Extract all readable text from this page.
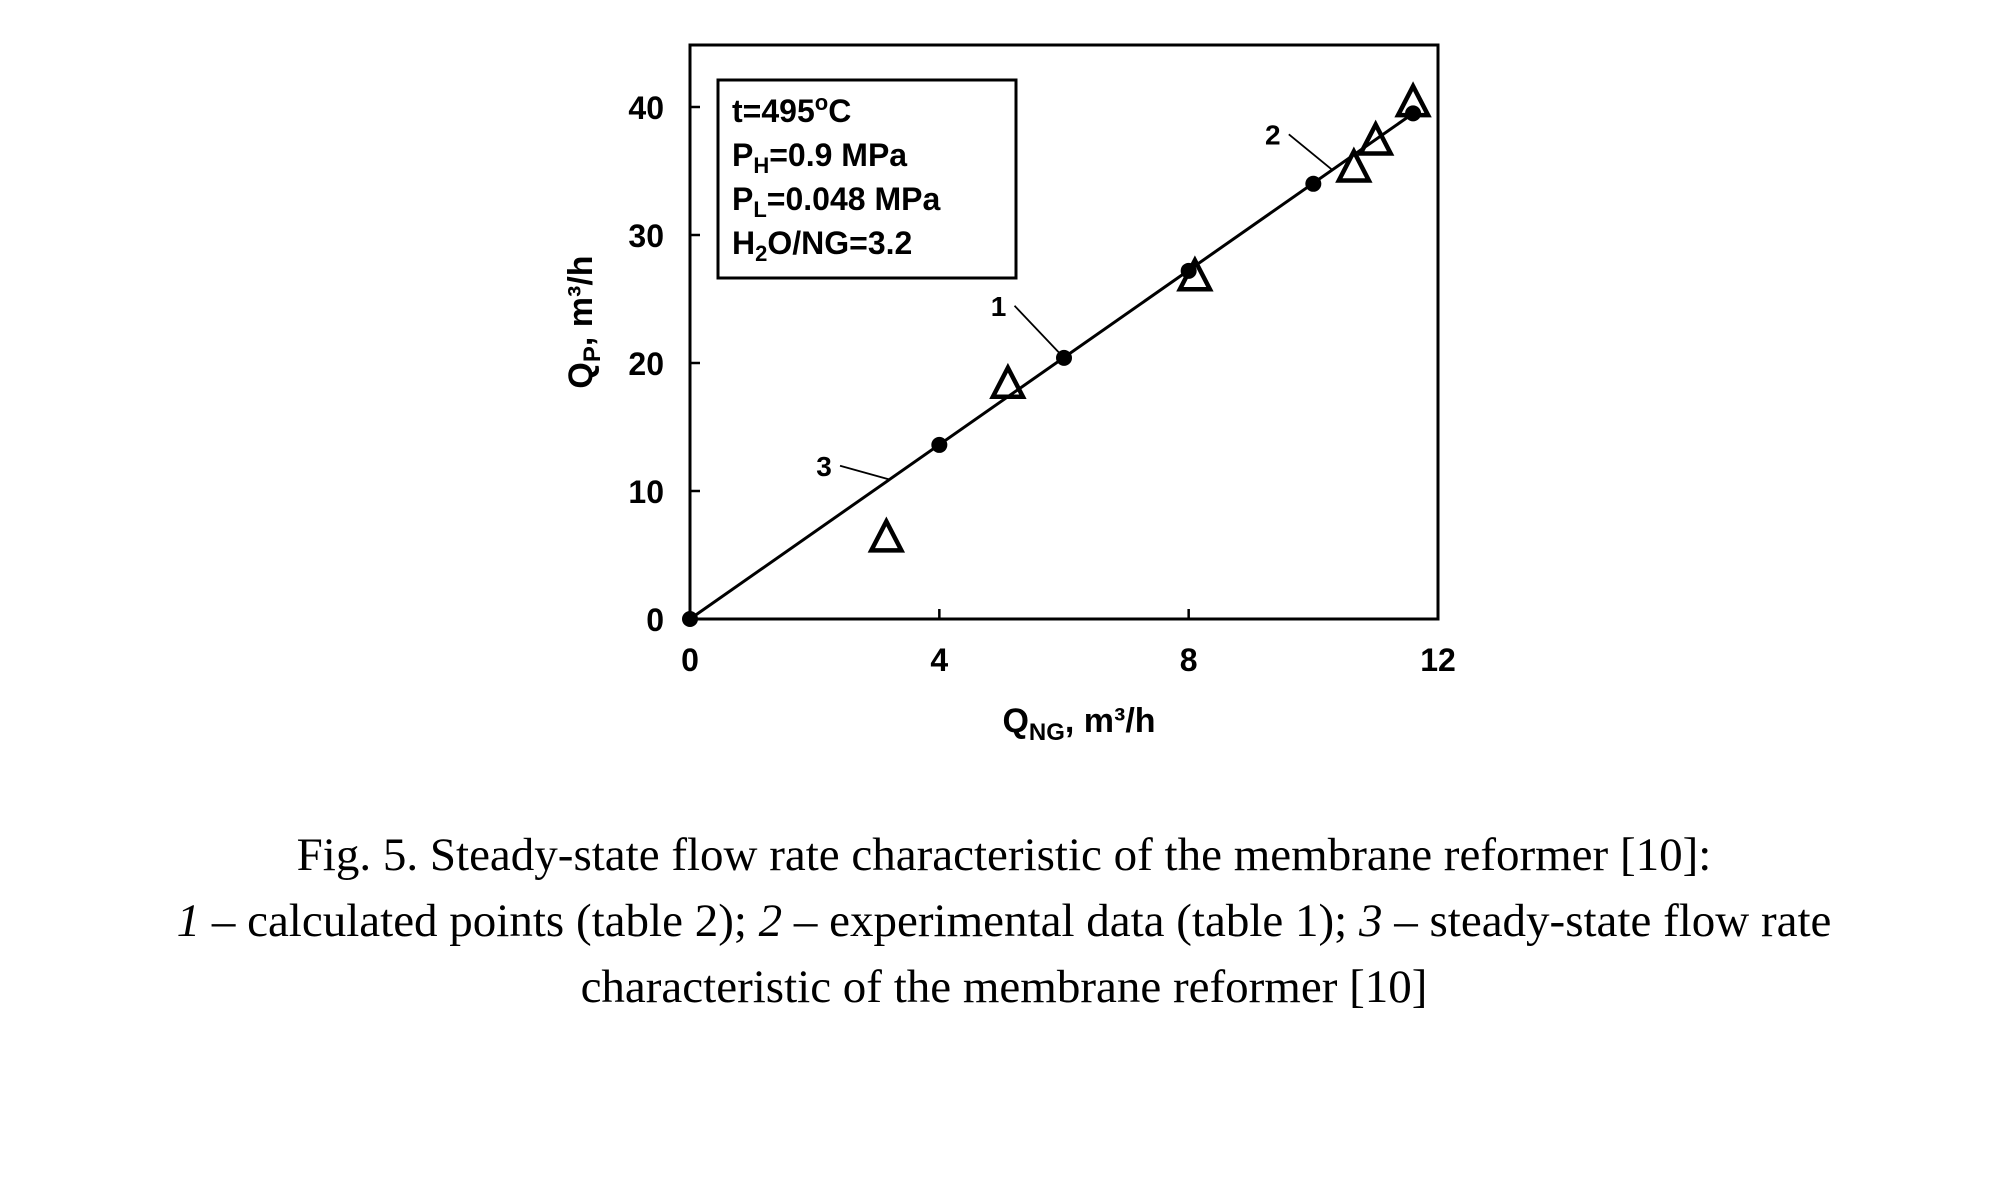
0	4	8	12
0
10
20
30
40
$Q_{NG}$, m³/h
$Q_P$, m³/h
$t=495^oC$
$P_H=0.9$ MPa
$P_L=0.048$ MPa
$H_2O/NG=3.2$
1
2
3
Fig. 5. Steady-state flow rate characteristic of the membrane reformer [10]:
1 – calculated points (table 2); 2 – experimental data (table 1); 3 – steady-state flow rate
characteristic of the membrane reformer [10]
